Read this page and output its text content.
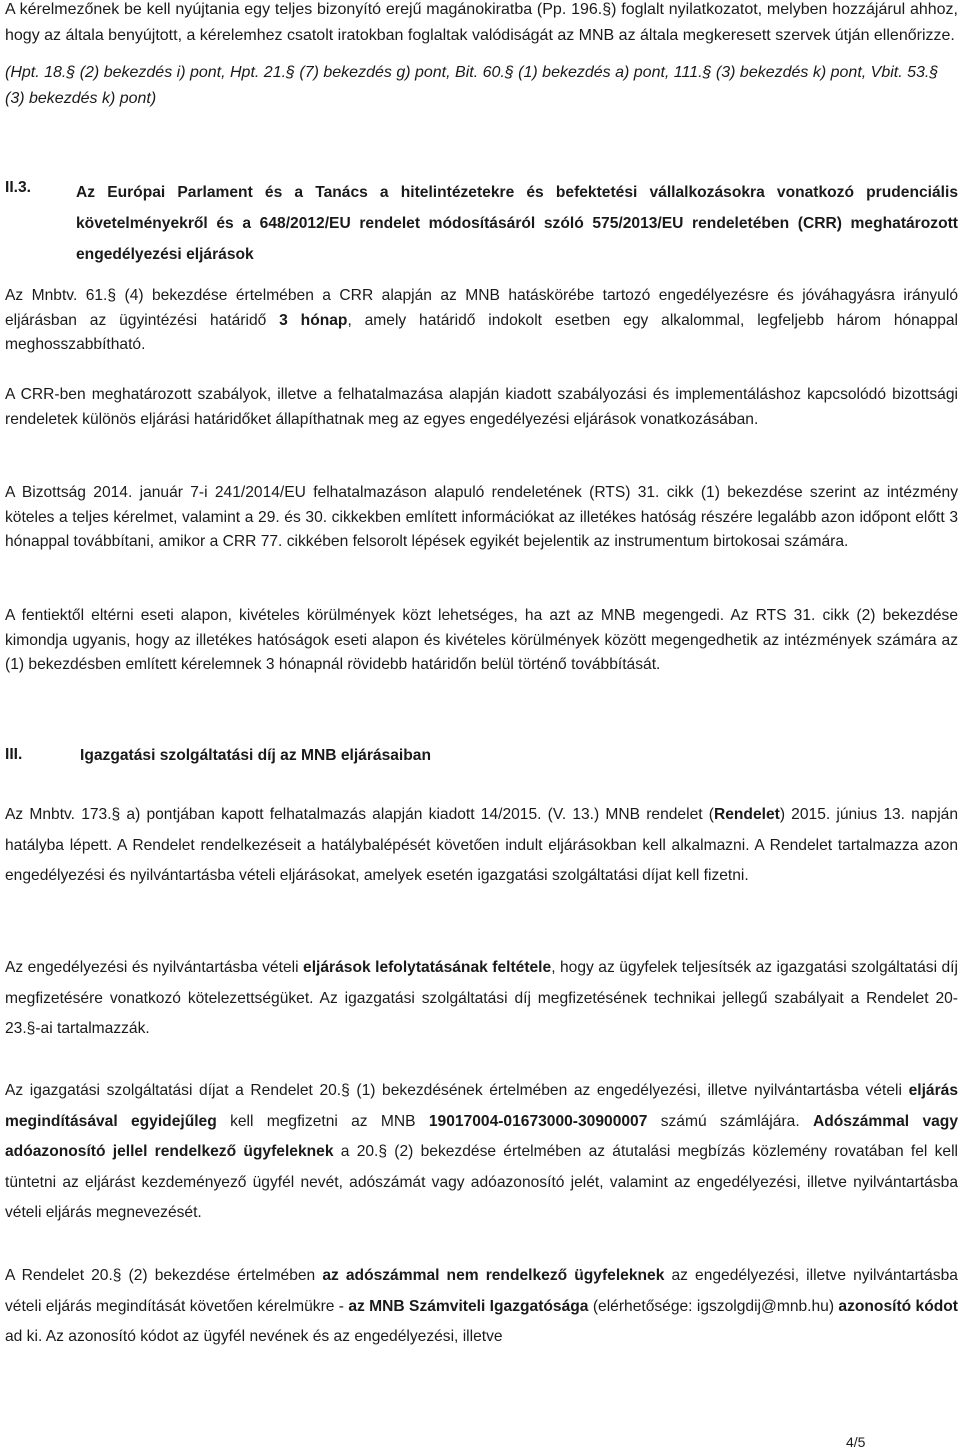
A kérelmezőnek be kell nyújtania egy teljes bizonyító erejű magánokiratba (Pp. 196.§) foglalt nyilatkozatot, melyben hozzájárul ahhoz, hogy az általa benyújtott, a kérelemhez csatolt iratokban foglaltak valódiságát az MNB az általa megkeresett szervek útján ellenőrizze.

(Hpt. 18.§ (2) bekezdés i) pont, Hpt. 21.§ (7) bekezdés g) pont, Bit. 60.§ (1) bekezdés a) pont, 111.§ (3) bekezdés k) pont, Vbit. 53.§ (3) bekezdés k) pont)

II.3.	Az Európai Parlament és a Tanács a hitelintézetekre és befektetési vállalkozásokra vonatkozó prudenciális követelményekről és a 648/2012/EU rendelet módosításáról szóló 575/2013/EU rendeletében (CRR) meghatározott engedélyezési eljárások

Az Mnbtv. 61.§ (4) bekezdése értelmében a CRR alapján az MNB hatáskörébe tartozó engedélyezésre és jóváhagyásra irányuló eljárásban az ügyintézési határidő 3 hónap, amely határidő indokolt esetben egy alkalommal, legfeljebb három hónappal meghosszabbítható.

A CRR-ben meghatározott szabályok, illetve a felhatalmazása alapján kiadott szabályozási és implementáláshoz kapcsolódó bizottsági rendeletek különös eljárási határidőket állapíthatnak meg az egyes engedélyezési eljárások vonatkozásában.

A Bizottság 2014. január 7-i 241/2014/EU felhatalmazáson alapuló rendeletének (RTS) 31. cikk (1) bekezdése szerint az intézmény köteles a teljes kérelmet, valamint a 29. és 30. cikkekben említett információkat az illetékes hatóság részére legalább azon időpont előtt 3 hónappal továbbítani, amikor a CRR 77. cikkében felsorolt lépések egyikét bejelentik az instrumentum birtokosai számára.

A fentiektől eltérni eseti alapon, kivételes körülmények közt lehetséges, ha azt az MNB megengedi. Az RTS 31. cikk (2) bekezdése kimondja ugyanis, hogy az illetékes hatóságok eseti alapon és kivételes körülmények között megengedhetik az intézmények számára az (1) bekezdésben említett kérelemnek 3 hónapnál rövidebb határidőn belül történő továbbítását.

III.	Igazgatási szolgáltatási díj az MNB eljárásaiban

Az Mnbtv. 173.§ a) pontjában kapott felhatalmazás alapján kiadott 14/2015. (V. 13.) MNB rendelet (Rendelet) 2015. június 13. napján hatályba lépett. A Rendelet rendelkezéseit a hatálybalépését követően indult eljárásokban kell alkalmazni. A Rendelet tartalmazza azon engedélyezési és nyilvántartásba vételi eljárásokat, amelyek esetén igazgatási szolgáltatási díjat kell fizetni.

Az engedélyezési és nyilvántartásba vételi eljárások lefolytatásának feltétele, hogy az ügyfelek teljesítsék az igazgatási szolgáltatási díj megfizetésére vonatkozó kötelezettségüket. Az igazgatási szolgáltatási díj megfizetésének technikai jellegű szabályait a Rendelet 20-23.§-ai tartalmazzák.

Az igazgatási szolgáltatási díjat a Rendelet 20.§ (1) bekezdésének értelmében az engedélyezési, illetve nyilvántartásba vételi eljárás megindításával egyidejűleg kell megfizetni az MNB 19017004-01673000-30900007 számú számlájára. Adószámmal vagy adóazonosító jellel rendelkező ügyfeleknek a 20.§ (2) bekezdése értelmében az átutalási megbízás közlemény rovatában fel kell tüntetni az eljárást kezdeményező ügyfél nevét, adószámát vagy adóazonosító jelét, valamint az engedélyezési, illetve nyilvántartásba vételi eljárás megnevezését.

A Rendelet 20.§ (2) bekezdése értelmében az adószámmal nem rendelkező ügyfeleknek az engedélyezési, illetve nyilvántartásba vételi eljárás megindítását követően kérelmükre - az MNB Számviteli Igazgatósága (elérhetősége: igszolgdij@mnb.hu) azonosító kódot ad ki. Az azonosító kódot az ügyfél nevének és az engedélyezési, illetve

4/5
